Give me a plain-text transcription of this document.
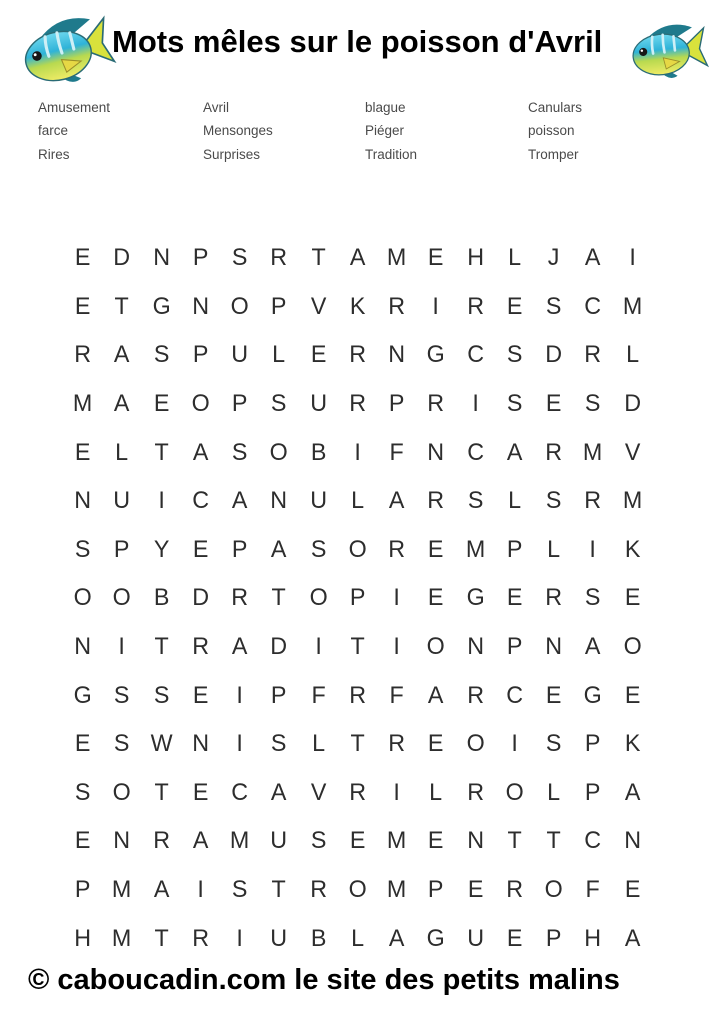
Mots mêles sur le poisson d'Avril
Amusement
farce
Rires
Avril
Mensonges
Surprises
blague
Piéger
Tradition
Canulars
poisson
Tromper
E D N P S R T	A M E H	L	J	A	I
E	T G N O P V K R	I	R E S C M
R A S P U	L	E R N G C S D R	L
M A E O P S U R P R	I	S E S D
E	L	T	A S O B	I	F N C A R M V
N U	I	C A N U	L	A R S	L	S R M
S P Y E P A S O R E M P	L	I	K
O O B D R T O P	I	E G E R S E
N	I	T R A D	I	T	I	O N P N A O
G S S E	I	P	F R F	A R C E G E
E S W N	I	S	L	T R E O	I	S P K
S O T	E C A V R	I	L	R O L	P A
E N R A M U S E M E N T	T C N
P M A	I	S	T R O M P E R O F	E
H M T R	I	U B	L	A G U E P H A

© caboucadin.com le site des petits malins
